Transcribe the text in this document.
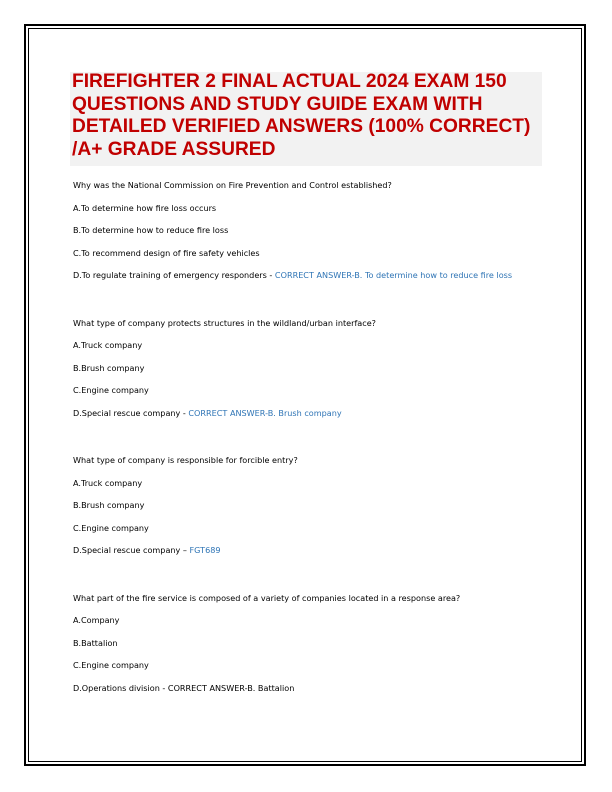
FIREFIGHTER 2 FINAL ACTUAL 2024 EXAM 150 QUESTIONS AND STUDY GUIDE EXAM WITH DETAILED VERIFIED ANSWERS (100% CORRECT) /A+ GRADE ASSURED

Why was the National Commission on Fire Prevention and Control established?

A.To determine how fire loss occurs

B.To determine how to reduce fire loss

C.To recommend design of fire safety vehicles

D.To regulate training of emergency responders - CORRECT ANSWER-B. To determine how to reduce fire loss

What type of company protects structures in the wildland/urban interface?

A.Truck company

B.Brush company

C.Engine company

D.Special rescue company - CORRECT ANSWER-B. Brush company

What type of company is responsible for forcible entry?

A.Truck company

B.Brush company

C.Engine company

D.Special rescue company – FGT689

What part of the fire service is composed of a variety of companies located in a response area?

A.Company

B.Battalion

C.Engine company

D.Operations division - CORRECT ANSWER-B. Battalion
